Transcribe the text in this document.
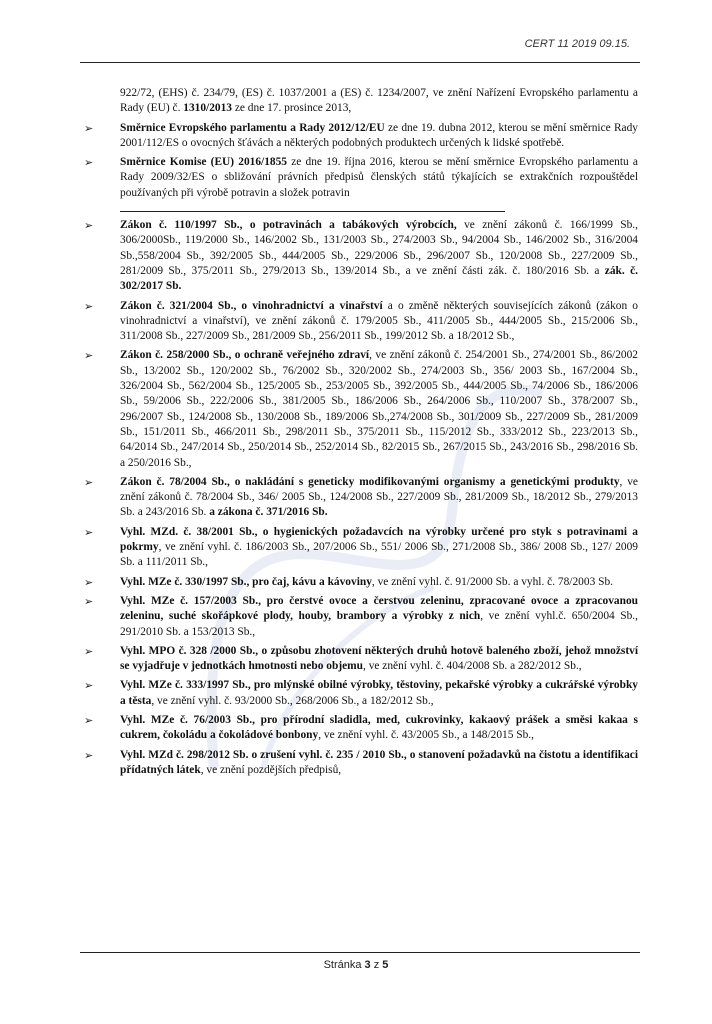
CERT 11 2019 09.15.
922/72, (EHS) č. 234/79, (ES) č. 1037/2001 a (ES) č. 1234/2007, ve znění Nařízení Evropského parlamentu a Rady (EU) č. 1310/2013 ze dne 17. prosince 2013,
➢ Směrnice Evropského parlamentu a Rady 2012/12/EU ze dne 19. dubna 2012, kterou se mění směrnice Rady 2001/112/ES o ovocných šťávách a některých podobných produktech určených k lidské spotřebě.
➢ Směrnice Komise (EU) 2016/1855 ze dne 19. října 2016, kterou se mění směrnice Evropského parlamentu a Rady 2009/32/ES o sbližování právních předpisů členských států týkajících se extrakčních rozpouštědel používaných při výrobě potravin a složek potravin
➢ Zákon č. 110/1997 Sb., o potravinách a tabákových výrobcích, ve znění zákonů č. 166/1999 Sb., 306/2000Sb., 119/2000 Sb., 146/2002 Sb., 131/2003 Sb., 274/2003 Sb., 94/2004 Sb., 146/2002 Sb., 316/2004 Sb.,558/2004 Sb., 392/2005 Sb., 444/2005 Sb., 229/2006 Sb., 296/2007 Sb., 120/2008 Sb., 227/2009 Sb., 281/2009 Sb., 375/2011 Sb., 279/2013 Sb., 139/2014 Sb., a ve znění části zák. č. 180/2016 Sb. a zák. č. 302/2017 Sb.
➢ Zákon č. 321/2004 Sb., o vinohradnictví a vinařství a o změně některých souvisejících zákonů (zákon o vinohradnictví a vinařství), ve znění zákonů č. 179/2005 Sb., 411/2005 Sb., 444/2005 Sb., 215/2006 Sb., 311/2008 Sb., 227/2009 Sb., 281/2009 Sb., 256/2011 Sb., 199/2012 Sb. a 18/2012 Sb.,
➢ Zákon č. 258/2000 Sb., o ochraně veřejného zdraví, ve znění zákonů č. 254/2001 Sb., 274/2001 Sb., 86/2002 Sb., 13/2002 Sb., 120/2002 Sb., 76/2002 Sb., 320/2002 Sb., 274/2003 Sb., 356/ 2003 Sb., 167/2004 Sb., 326/2004 Sb., 562/2004 Sb., 125/2005 Sb., 253/2005 Sb., 392/2005 Sb., 444/2005 Sb., 74/2006 Sb., 186/2006 Sb., 59/2006 Sb., 222/2006 Sb., 381/2005 Sb., 186/2006 Sb., 264/2006 Sb., 110/2007 Sb., 378/2007 Sb., 296/2007 Sb., 124/2008 Sb., 130/2008 Sb., 189/2006 Sb.,274/2008 Sb., 301/2009 Sb., 227/2009 Sb., 281/2009 Sb., 151/2011 Sb., 466/2011 Sb., 298/2011 Sb., 375/2011 Sb., 115/2012 Sb., 333/2012 Sb., 223/2013 Sb., 64/2014 Sb., 247/2014 Sb., 250/2014 Sb., 252/2014 Sb., 82/2015 Sb., 267/2015 Sb., 243/2016 Sb., 298/2016 Sb. a 250/2016 Sb.,
➢ Zákon č. 78/2004 Sb., o nakládání s geneticky modifikovanými organismy a genetickými produkty, ve znění zákonů č. 78/2004 Sb., 346/ 2005 Sb., 124/2008 Sb., 227/2009 Sb., 281/2009 Sb., 18/2012 Sb., 279/2013 Sb. a 243/2016 Sb. a zákona č. 371/2016 Sb.
➢ Vyhl. MZd. č. 38/2001 Sb., o hygienických požadavcích na výrobky určené pro styk s potravinami a pokrmy, ve znění vyhl. č. 186/2003 Sb., 207/2006 Sb., 551/ 2006 Sb., 271/2008 Sb., 386/ 2008 Sb., 127/ 2009 Sb. a 111/2011 Sb.,
➢ Vyhl. MZe č. 330/1997 Sb., pro čaj, kávu a kávoviny, ve znění vyhl. č. 91/2000 Sb. a vyhl. č. 78/2003 Sb.
➢ Vyhl. MZe č. 157/2003 Sb., pro čerstvé ovoce a čerstvou zeleninu, zpracované ovoce a zpracovanou zeleninu, suché skořápkové plody, houby, brambory a výrobky z nich, ve znění vyhl.č. 650/2004 Sb., 291/2010 Sb. a 153/2013 Sb.,
➢ Vyhl. MPO č. 328 /2000 Sb., o způsobu zhotovení některých druhů hotově baleného zboží, jehož množství se vyjadřuje v jednotkách hmotnosti nebo objemu, ve znění vyhl. č. 404/2008 Sb. a 282/2012 Sb.,
➢ Vyhl. MZe č. 333/1997 Sb., pro mlýnské obilné výrobky, těstoviny, pekařské výrobky a cukrářské výrobky a těsta, ve znění vyhl. č. 93/2000 Sb., 268/2006 Sb., a 182/2012 Sb.,
➢ Vyhl. MZe č. 76/2003 Sb., pro přírodní sladidla, med, cukrovinky, kakaový prášek a směsi kakaa s cukrem, čokoládu a čokoládové bonbony, ve znění vyhl. č. 43/2005 Sb., a 148/2015 Sb.,
➢ Vyhl. MZd č. 298/2012 Sb. o zrušení vyhl. č. 235 / 2010 Sb., o stanovení požadavků na čistotu a identifikaci přídatných látek, ve znění pozdějších předpisů,
Stránka 3 z 5
